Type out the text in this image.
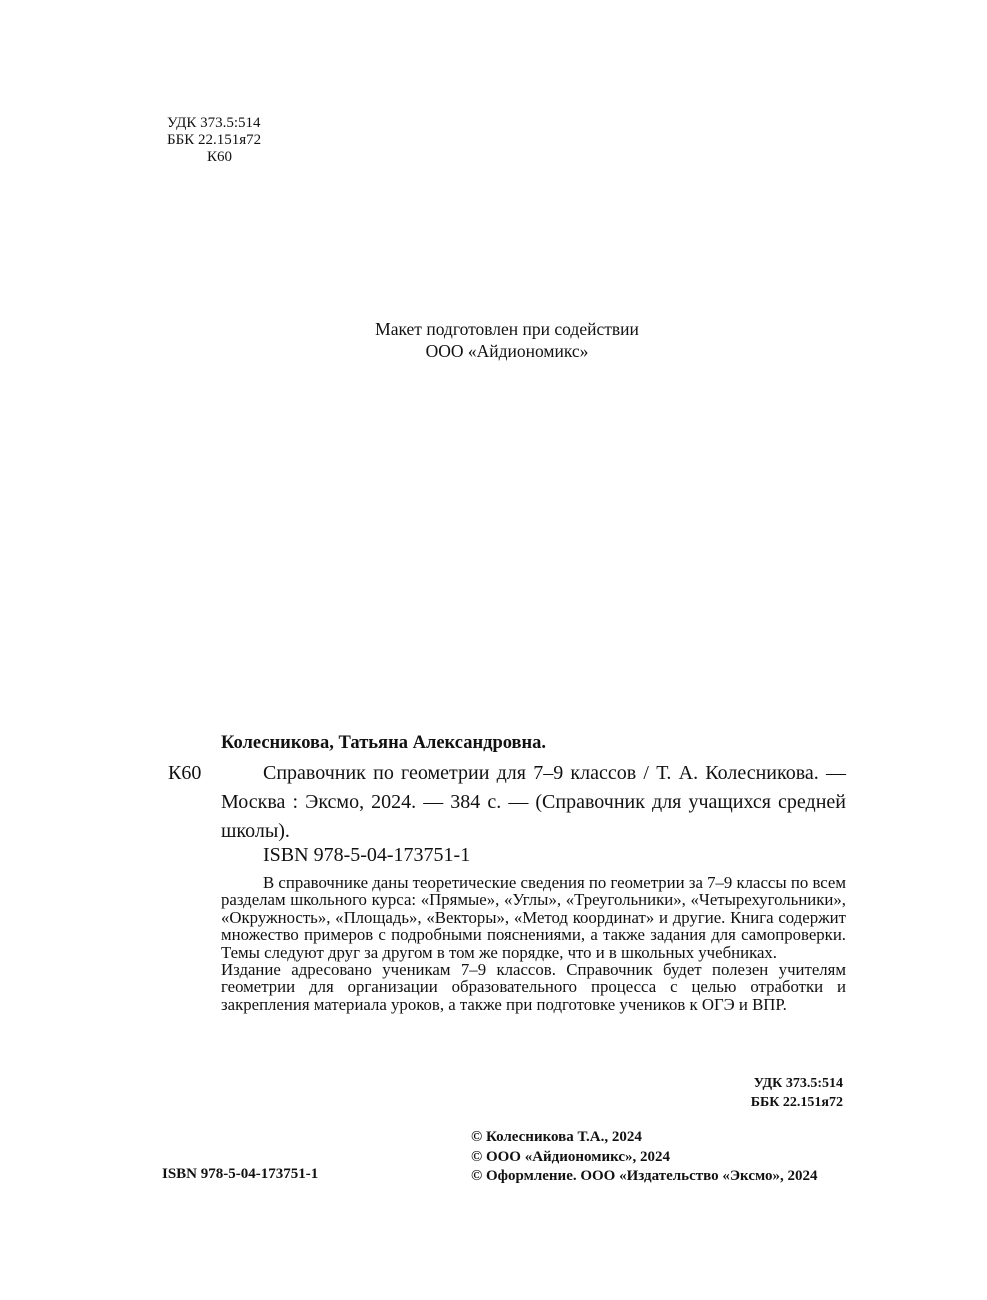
УДК 373.5:514
ББК 22.151я72
К60
Макет подготовлен при содействии
ООО «Айдиономикс»
Колесникова, Татьяна Александровна.
К60	Справочник по геометрии для 7–9 классов / Т. А. Колесникова. — Москва : Эксмо, 2024. — 384 с. — (Справочник для учащихся средней школы).
ISBN 978-5-04-173751-1

В справочнике даны теоретические сведения по геометрии за 7–9 классы по всем разделам школьного курса: «Прямые», «Углы», «Треугольники», «Четырехугольники», «Окружность», «Площадь», «Векторы», «Метод координат» и другие. Книга содержит множество примеров с подробными пояснениями, а также задания для самопроверки. Темы следуют друг за другом в том же порядке, что и в школьных учебниках.

Издание адресовано ученикам 7–9 классов. Справочник будет полезен учителям геометрии для организации образовательного процесса с целью отработки и закрепления материала уроков, а также при подготовке учеников к ОГЭ и ВПР.

УДК 373.5:514
ББК 22.151я72
© Колесникова Т.А., 2024
© ООО «Айдиономикс», 2024
© Оформление. ООО «Издательство «Эксмо», 2024
ISBN 978-5-04-173751-1
